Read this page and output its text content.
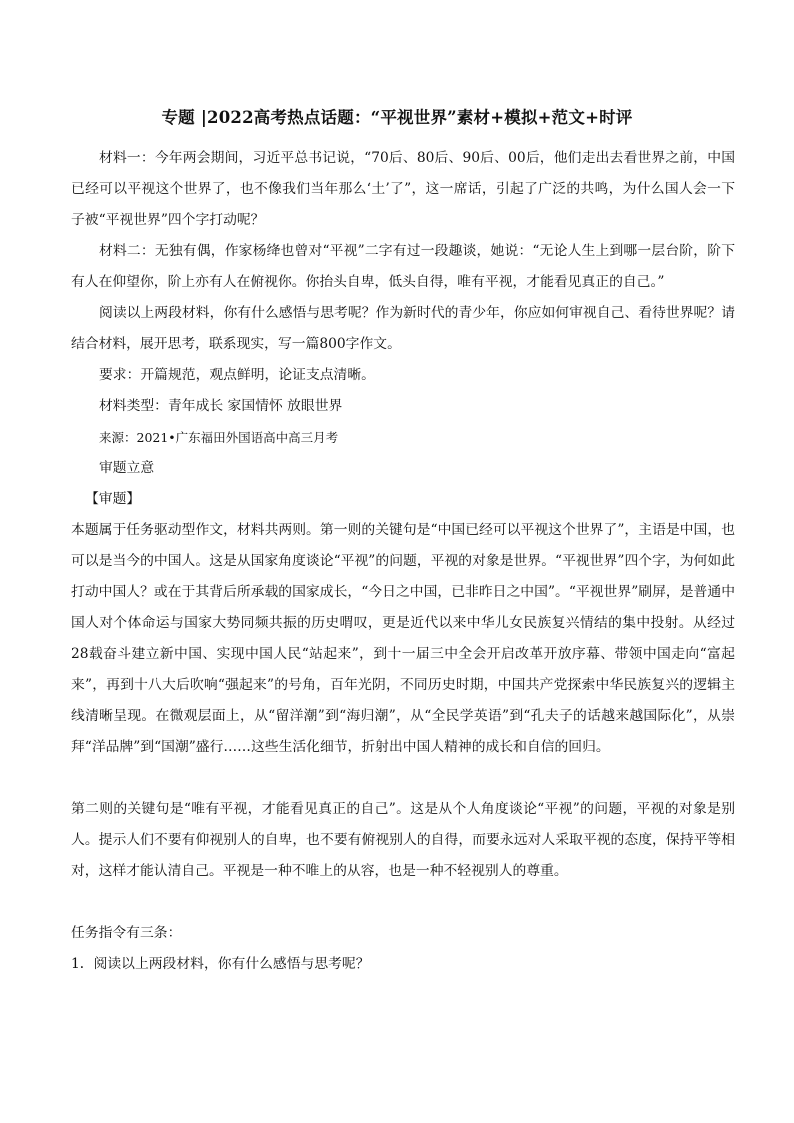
专题 |2022高考热点话题：“平视世界”素材+模拟+范文+时评

材料一：今年两会期间，习近平总书记说，“70后、80后、90后、00后，他们走出去看世界之前，中国已经可以平视这个世界了，也不像我们当年那么‘土’了”，这一席话，引起了广泛的共鸣，为什么国人会一下子被“平视世界”四个字打动呢？

材料二：无独有偶，作家杨绛也曾对“平视”二字有过一段趣谈，她说：“无论人生上到哪一层台阶，阶下有人在仰望你，阶上亦有人在俯视你。你抬头自卑，低头自得，唯有平视，才能看见真正的自己。”

阅读以上两段材料，你有什么感悟与思考呢？作为新时代的青少年，你应如何审视自己、看待世界呢？请结合材料，展开思考，联系现实，写一篇800字作文。

要求：开篇规范，观点鲜明，论证支点清晰。

材料类型：青年成长 家国情怀 放眼世界

来源：2021•广东福田外国语高中高三月考

审题立意

【审题】

本题属于任务驱动型作文，材料共两则。第一则的关键句是“中国已经可以平视这个世界了”，主语是中国，也可以是当今的中国人。这是从国家角度谈论“平视”的问题，平视的对象是世界。“平视世界”四个字，为何如此打动中国人？或在于其背后所承载的国家成长，“今日之中国，已非昨日之中国”。“平视世界”刷屏，是普通中国人对个体命运与国家大势同频共振的历史喟叹，更是近代以来中华儿女民族复兴情结的集中投射。从经过28载奋斗建立新中国、实现中国人民“站起来”，到十一届三中全会开启改革开放序幕、带领中国走向“富起来”，再到十八大后吹响“强起来”的号角，百年光阴，不同历史时期，中国共产党探索中华民族复兴的逻辑主线清晰呈现。在微观层面上，从“留洋潮”到“海归潮”，从“全民学英语”到“孔夫子的话越来越国际化”，从崇拜“洋品牌”到“国潮”盛行……这些生活化细节，折射出中国人精神的成长和自信的回归。

第二则的关键句是“唯有平视，才能看见真正的自己”。这是从个人角度谈论“平视”的问题，平视的对象是别人。提示人们不要有仰视别人的自卑，也不要有俯视别人的自得，而要永远对人采取平视的态度，保持平等相对，这样才能认清自己。平视是一种不唯上的从容，也是一种不轻视别人的尊重。

任务指令有三条：

1．阅读以上两段材料，你有什么感悟与思考呢？
